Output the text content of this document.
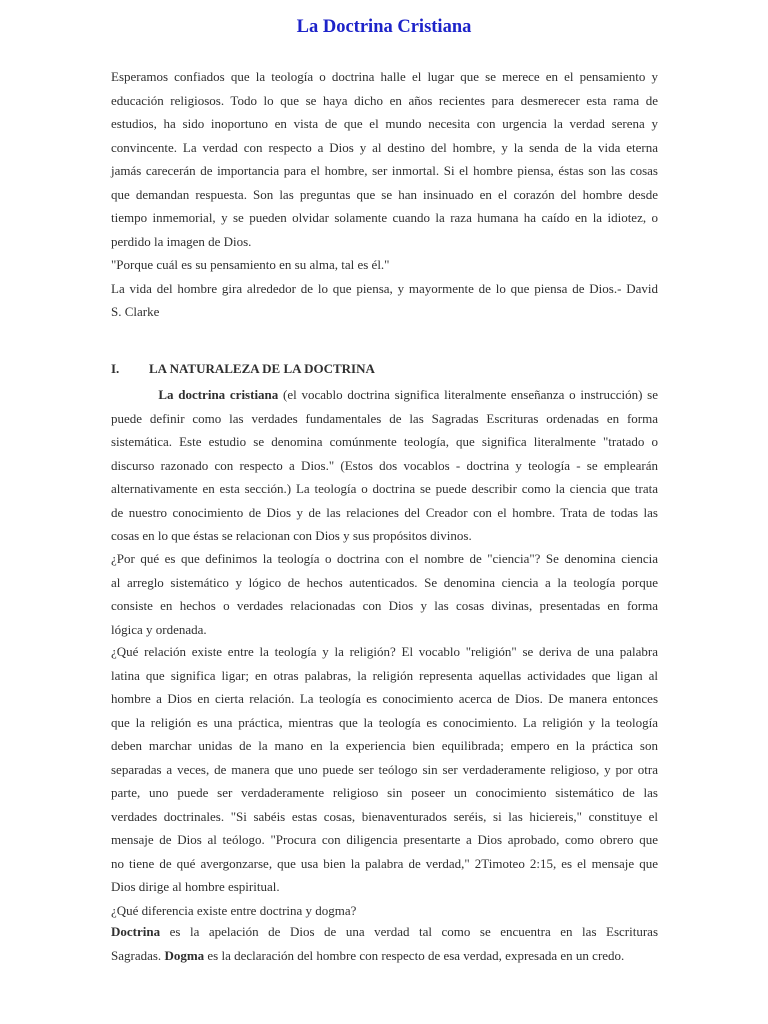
La Doctrina Cristiana

Esperamos confiados que la teología o doctrina halle el lugar que se merece en el pensamiento y
educación religiosos. Todo lo que se haya dicho en años recientes para desmerecer esta rama de
estudios, ha sido inoportuno en vista de que el mundo necesita con urgencia la verdad serena y
convincente. La verdad con respecto a Dios y al destino del hombre, y la senda de la vida eterna
jamás carecerán de importancia para el hombre, ser inmortal. Si el hombre piensa, éstas son las cosas
que demandan respuesta. Son las preguntas que se han insinuado en el corazón del hombre desde
tiempo inmemorial, y se pueden olvidar solamente cuando la raza humana ha caído en la idiotez, o
perdido la imagen de Dios.
"Porque cuál es su pensamiento en su alma, tal es él."
La vida del hombre gira alrededor de lo que piensa, y mayormente de lo que piensa de Dios.- David
S. Clarke

I. LA NATURALEZA DE LA DOCTRINA

La doctrina cristiana (el vocablo doctrina significa literalmente enseñanza o instrucción) se
puede definir como las verdades fundamentales de las Sagradas Escrituras ordenadas en forma
sistemática. Este estudio se denomina comúnmente teología, que significa literalmente "tratado o
discurso razonado con respecto a Dios." (Estos dos vocablos - doctrina y teología - se emplearán
alternativamente en esta sección.) La teología o doctrina se puede describir como la ciencia que trata
de nuestro conocimiento de Dios y de las relaciones del Creador con el hombre. Trata de todas las
cosas en lo que éstas se relacionan con Dios y sus propósitos divinos.

¿Por qué es que definimos la teología o doctrina con el nombre de "ciencia"? Se denomina ciencia
al arreglo sistemático y lógico de hechos autenticados. Se denomina ciencia a la teología porque
consiste en hechos o verdades relacionadas con Dios y las cosas divinas, presentadas en forma
lógica y ordenada.

¿Qué relación existe entre la teología y la religión? El vocablo "religión" se deriva de una palabra
latina que significa ligar; en otras palabras, la religión representa aquellas actividades que ligan al
hombre a Dios en cierta relación. La teología es conocimiento acerca de Dios. De manera entonces
que la religión es una práctica, mientras que la teología es conocimiento. La religión y la teología
deben marchar unidas de la mano en la experiencia bien equilibrada; empero en la práctica son
separadas a veces, de manera que uno puede ser teólogo sin ser verdaderamente religioso, y por otra
parte, uno puede ser verdaderamente religioso sin poseer un conocimiento sistemático de las
verdades doctrinales. "Si sabéis estas cosas, bienaventurados seréis, si las hiciereis," constituye el
mensaje de Dios al teólogo. "Procura con diligencia presentarte a Dios aprobado, como obrero que
no tiene de qué avergonzarse, que usa bien la palabra de verdad," 2Timoteo 2:15, es el mensaje que
Dios dirige al hombre espiritual.
¿Qué diferencia existe entre doctrina y dogma?

Doctrina es la apelación de Dios de una verdad tal como se encuentra en las Escrituras
Sagradas. Dogma es la declaración del hombre con respecto de esa verdad, expresada en un credo.
